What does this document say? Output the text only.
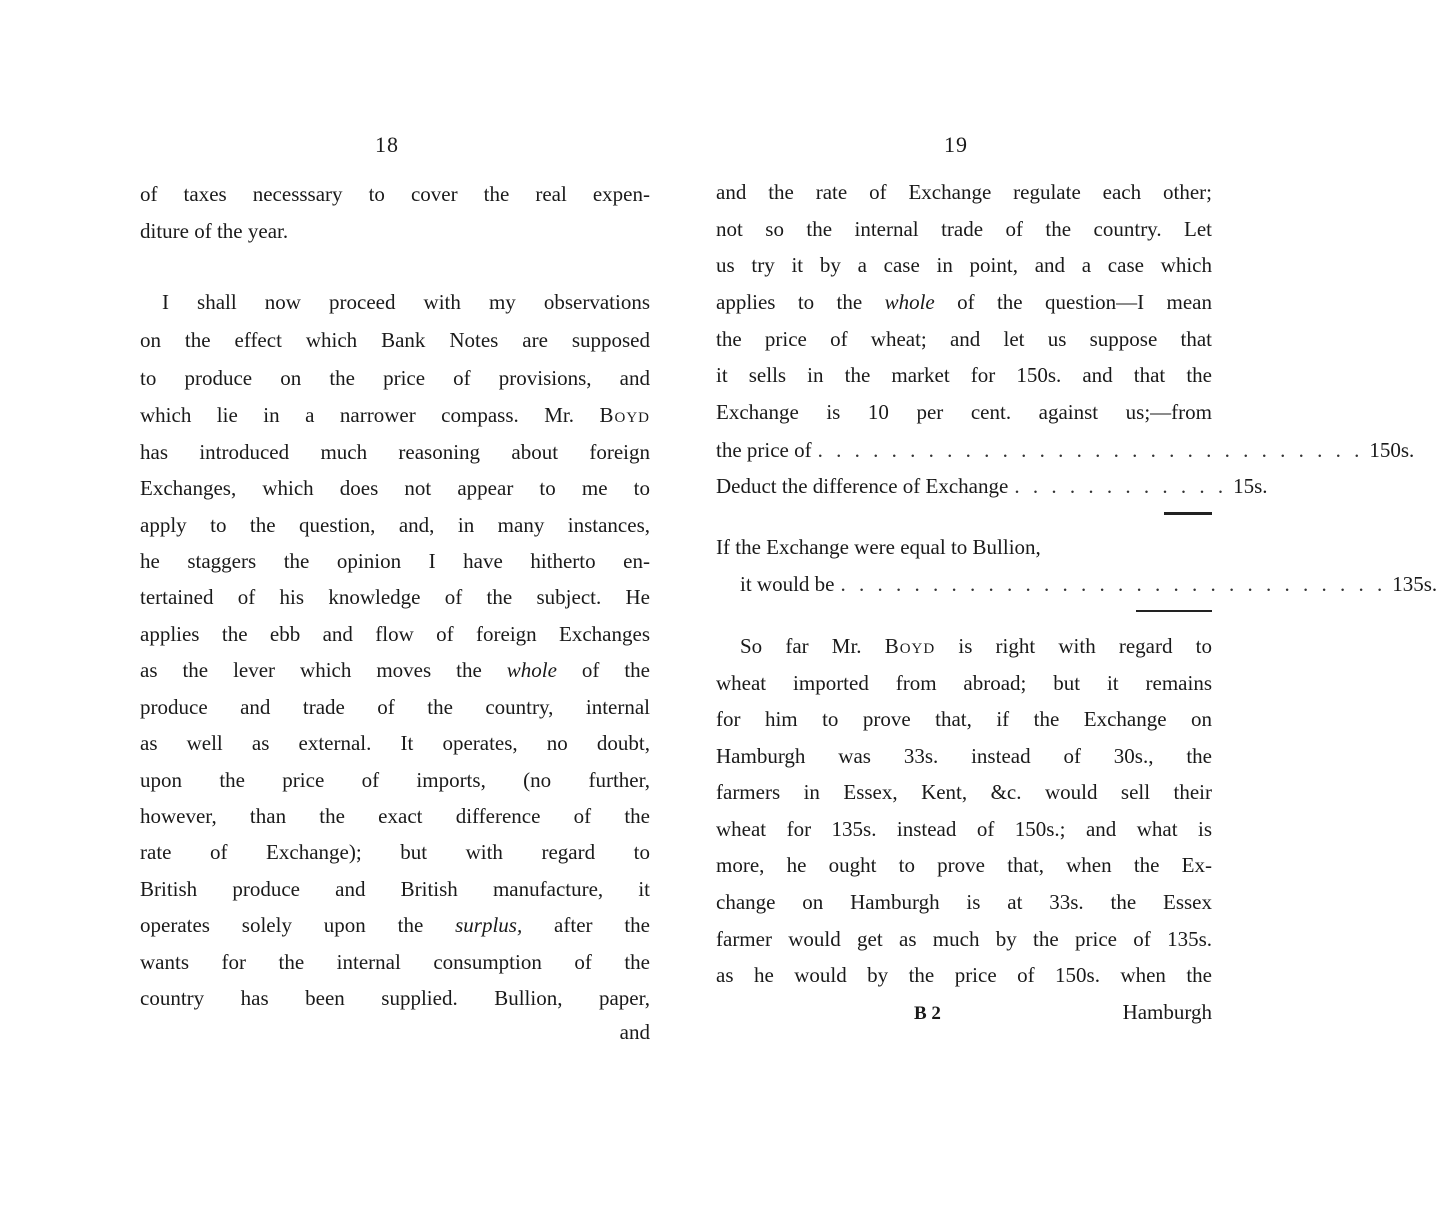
18
of taxes necesssary to cover the real expen-
diture of the year.
I shall now proceed with my observations
on the effect which Bank Notes are supposed
to produce on the price of provisions, and
which lie in a narrower compass. Mr. Boyd
has introduced much reasoning about foreign
Exchanges, which does not appear to me to
apply to the question, and, in many instances,
he staggers the opinion I have hitherto en-
tertained of his knowledge of the subject. He
applies the ebb and flow of foreign Exchanges
as the lever which moves the whole of the
produce and trade of the country, internal
as well as external. It operates, no doubt,
upon the price of imports, (no further,
however, than the exact difference of the
rate of Exchange); but with regard to
British produce and British manufacture, it
operates solely upon the surplus, after the
wants for the internal consumption of the
country has been supplied. Bullion, paper,
and
19
and the rate of Exchange regulate each other;
not so the internal trade of the country. Let
us try it by a case in point, and a case which
applies to the whole of the question—I mean
the price of wheat; and let us suppose that
it sells in the market for 150s. and that the
Exchange is 10 per cent. against us;—from
the price of . . . . . . . . . . . . . . . . . . . . . . . . . . . . . . 150s.
Deduct the difference of Exchange . . . . . . . . . . . . 15s.
If the Exchange were equal to Bullion,
it would be . . . . . . . . . . . . . . . . . . . . . . . . . . . . . . 135s.
So far Mr. Boyd is right with regard to
wheat imported from abroad; but it remains
for him to prove that, if the Exchange on
Hamburgh was 33s. instead of 30s., the
farmers in Essex, Kent, &c. would sell their
wheat for 135s. instead of 150s.; and what is
more, he ought to prove that, when the Ex-
change on Hamburgh is at 33s. the Essex
farmer would get as much by the price of 135s.
as he would by the price of 150s. when the
B 2	Hamburgh
